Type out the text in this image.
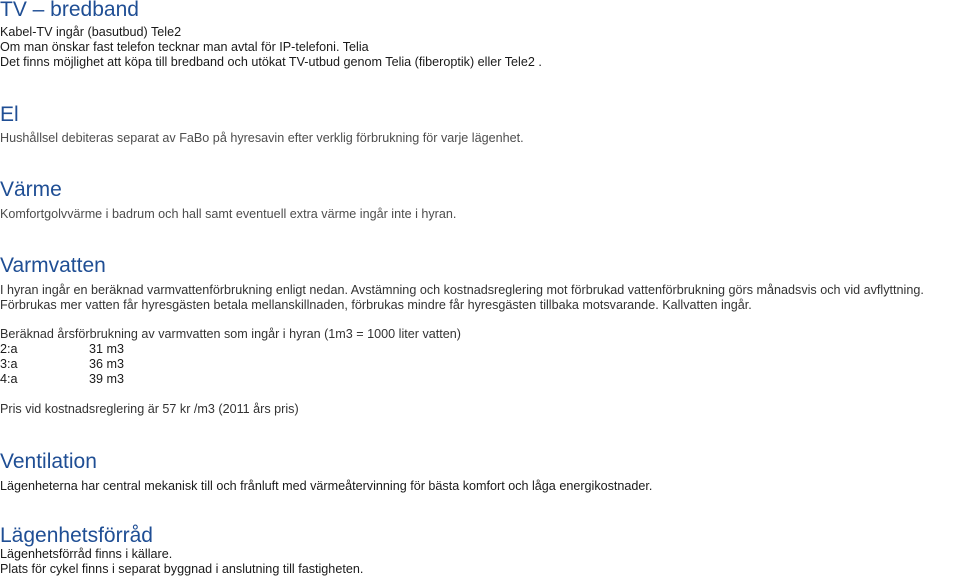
TV – bredband

Kabel-TV ingår (basutbud) Tele2

Om man önskar fast telefon tecknar man avtal för IP-telefoni. Telia

Det finns möjlighet att köpa till bredband och utökat TV-utbud genom Telia (fiberoptik) eller Tele2 .

El

Hushållsel debiteras separat av FaBo på hyresavin efter verklig förbrukning för varje lägenhet.

Värme

Komfortgolvvärme i badrum och hall samt eventuell extra värme ingår inte i hyran.

Varmvatten

I hyran ingår en beräknad varmvattenförbrukning enligt nedan. Avstämning och kostnadsreglering mot förbrukad vattenförbrukning görs månadsvis och vid avflyttning.

Förbrukas mer vatten får hyresgästen betala mellanskillnaden, förbrukas mindre får hyresgästen tillbaka motsvarande. Kallvatten ingår.

Beräknad årsförbrukning av varmvatten som ingår i hyran (1m3 = 1000 liter vatten)

2:a	31 m3
3:a	36 m3
4:a	39 m3

Pris vid kostnadsreglering är 57 kr /m3 (2011 års pris)

Ventilation

Lägenheterna har central mekanisk till och frånluft med värmeåtervinning för bästa komfort och låga energikostnader.

Lägenhetsförråd

Lägenhetsförråd finns i källare.

Plats för cykel finns i separat byggnad i anslutning till fastigheten.
